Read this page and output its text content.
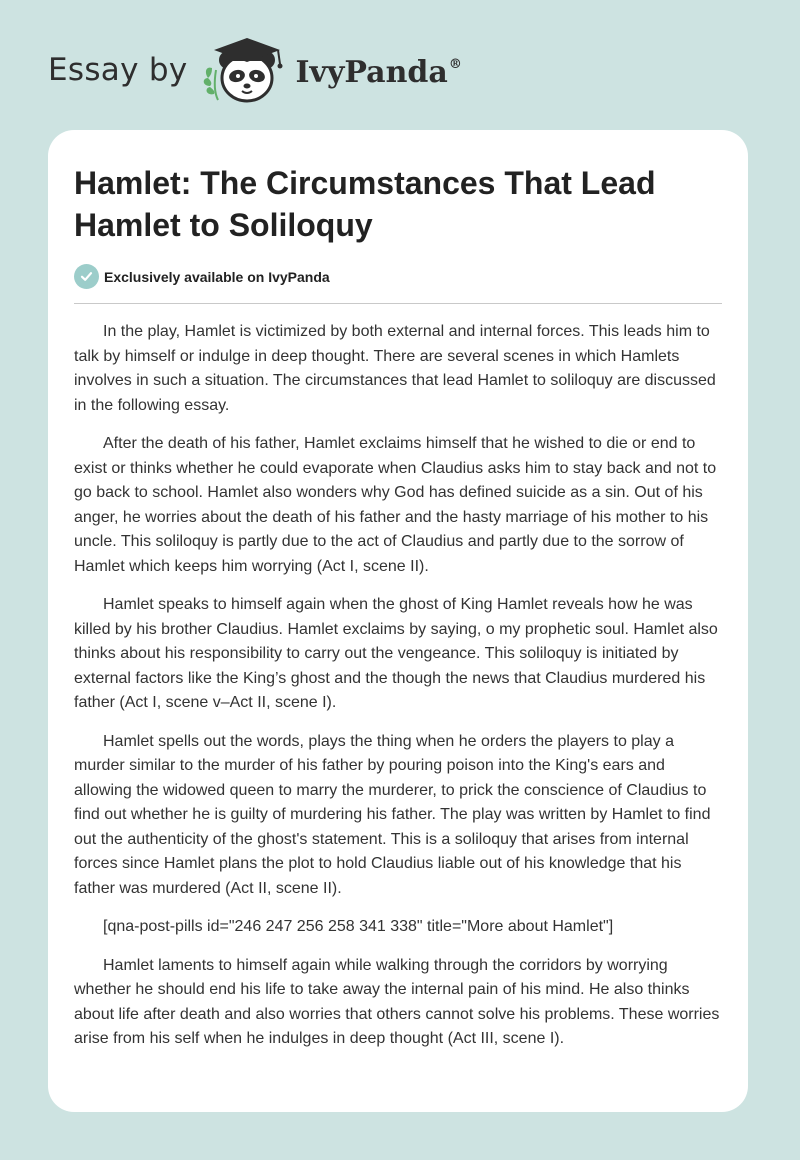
Essay by	IvyPanda®
Hamlet: The Circumstances That Lead Hamlet to Soliloquy
Exclusively available on IvyPanda

In the play, Hamlet is victimized by both external and internal forces. This leads him to talk by himself or indulge in deep thought. There are several scenes in which Hamlets involves in such a situation. The circumstances that lead Hamlet to soliloquy are discussed in the following essay.

After the death of his father, Hamlet exclaims himself that he wished to die or end to exist or thinks whether he could evaporate when Claudius asks him to stay back and not to go back to school. Hamlet also wonders why God has defined suicide as a sin. Out of his anger, he worries about the death of his father and the hasty marriage of his mother to his uncle. This soliloquy is partly due to the act of Claudius and partly due to the sorrow of Hamlet which keeps him worrying (Act I, scene II).

Hamlet speaks to himself again when the ghost of King Hamlet reveals how he was killed by his brother Claudius. Hamlet exclaims by saying, o my prophetic soul. Hamlet also thinks about his responsibility to carry out the vengeance. This soliloquy is initiated by external factors like the King’s ghost and the though the news that Claudius murdered his father (Act I, scene v–Act II, scene I).

Hamlet spells out the words, plays the thing when he orders the players to play a murder similar to the murder of his father by pouring poison into the King's ears and allowing the widowed queen to marry the murderer, to prick the conscience of Claudius to find out whether he is guilty of murdering his father. The play was written by Hamlet to find out the authenticity of the ghost's statement. This is a soliloquy that arises from internal forces since Hamlet plans the plot to hold Claudius liable out of his knowledge that his father was murdered (Act II, scene II).

[qna-post-pills id="246 247 256 258 341 338" title="More about Hamlet"]

Hamlet laments to himself again while walking through the corridors by worrying whether he should end his life to take away the internal pain of his mind. He also thinks about life after death and also worries that others cannot solve his problems. These worries arise from his self when he indulges in deep thought (Act III, scene I).
